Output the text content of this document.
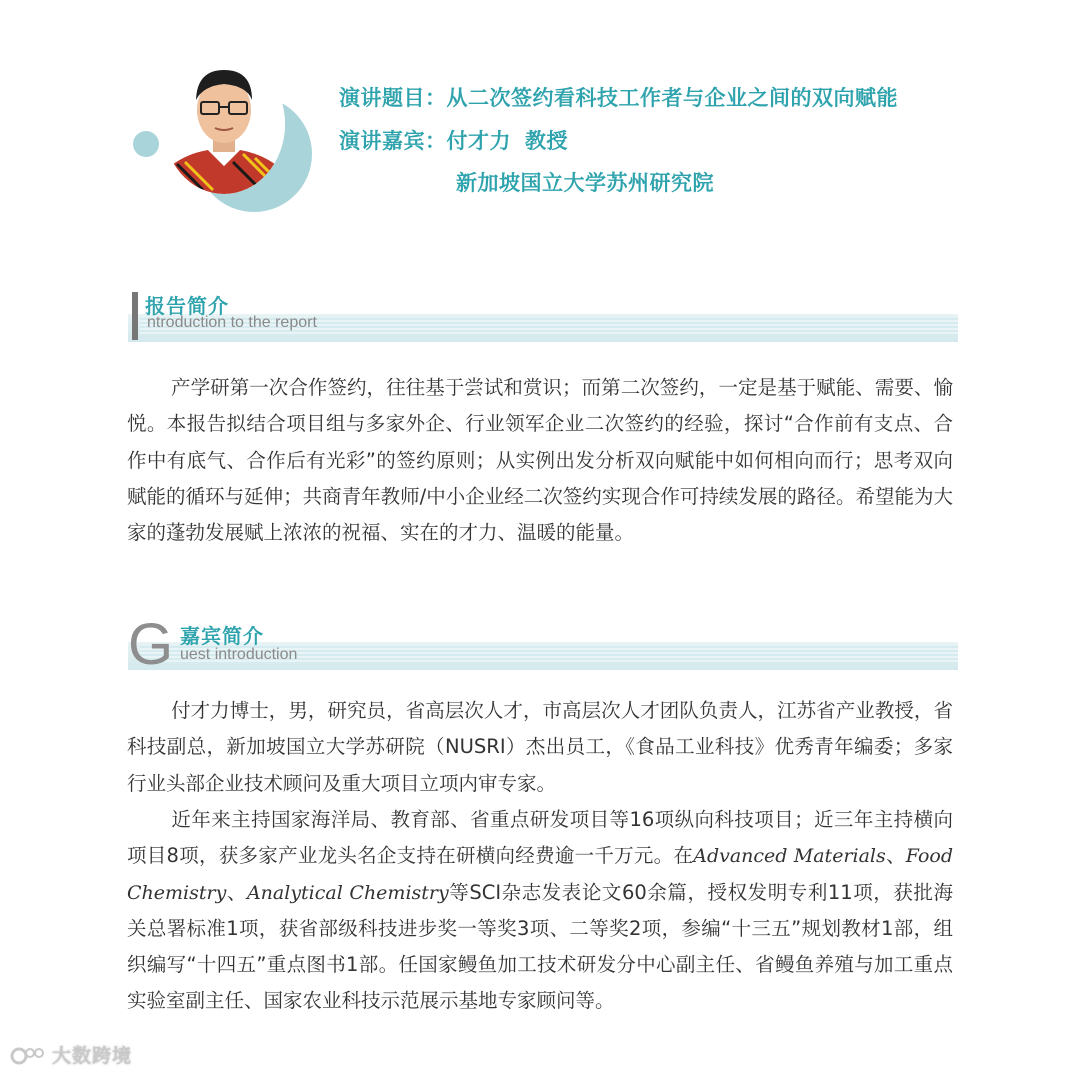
演讲题目：从二次签约看科技工作者与企业之间的双向赋能
演讲嘉宾：付才力 教授
新加坡国立大学苏州研究院
报告简介
ntroduction to the report

产学研第一次合作签约，往往基于尝试和赏识；而第二次签约，一定是基于赋能、需要、愉悦。本报告拟结合项目组与多家外企、行业领军企业二次签约的经验，探讨“合作前有支点、合作中有底气、合作后有光彩”的签约原则；从实例出发分析双向赋能中如何相向而行；思考双向赋能的循环与延伸；共商青年教师/中小企业经二次签约实现合作可持续发展的路径。希望能为大家的蓬勃发展赋上浓浓的祝福、实在的才力、温暖的能量。

G 嘉宾简介
uest introduction

付才力博士，男，研究员，省高层次人才，市高层次人才团队负责人，江苏省产业教授，省科技副总，新加坡国立大学苏研院（NUSRI）杰出员工，《食品工业科技》优秀青年编委；多家行业头部企业技术顾问及重大项目立项内审专家。

近年来主持国家海洋局、教育部、省重点研发项目等16项纵向科技项目；近三年主持横向项目8项，获多家产业龙头名企支持在研横向经费逾一千万元。在Advanced Materials、Food Chemistry、Analytical Chemistry等SCI杂志发表论文60余篇，授权发明专利11项，获批海关总署标准1项，获省部级科技进步奖一等奖3项、二等奖2项，参编“十三五”规划教材1部，组织编写“十四五”重点图书1部。任国家鳗鱼加工技术研发分中心副主任、省鳗鱼养殖与加工重点实验室副主任、国家农业科技示范展示基地专家顾问等。

大数跨境
